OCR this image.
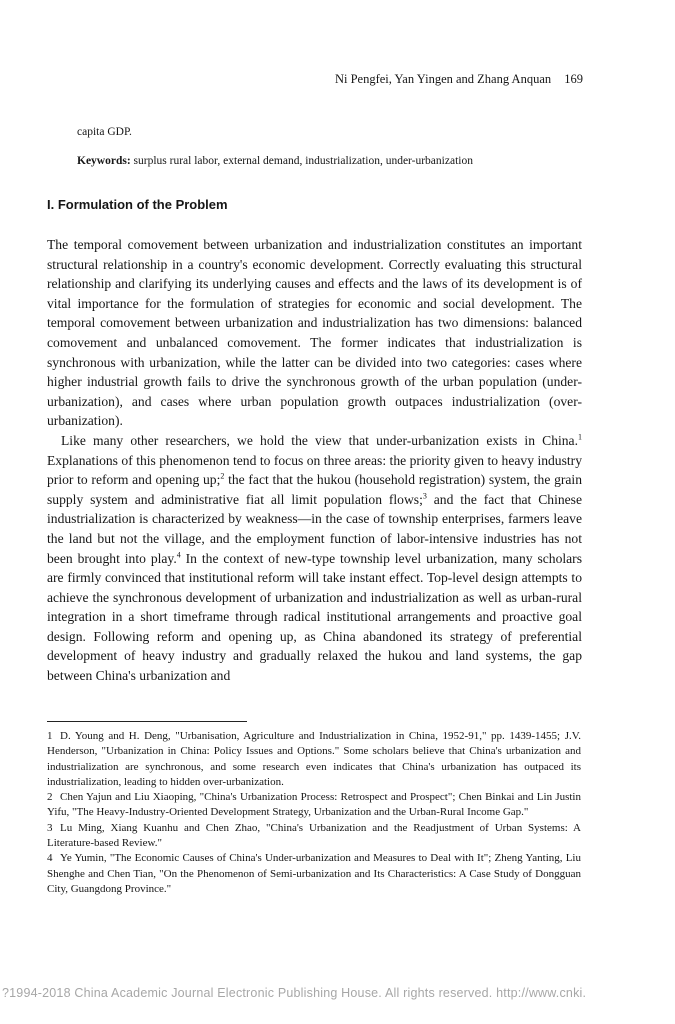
Ni Pengfei, Yan Yingen and Zhang Anquan 169
capita GDP.
Keywords: surplus rural labor, external demand, industrialization, under-urbanization
I. Formulation of the Problem

The temporal comovement between urbanization and industrialization constitutes an important structural relationship in a country's economic development. Correctly evaluating this structural relationship and clarifying its underlying causes and effects and the laws of its development is of vital importance for the formulation of strategies for economic and social development. The temporal comovement between urbanization and industrialization has two dimensions: balanced comovement and unbalanced comovement. The former indicates that industrialization is synchronous with urbanization, while the latter can be divided into two categories: cases where higher industrial growth fails to drive the synchronous growth of the urban population (under-urbanization), and cases where urban population growth outpaces industrialization (over-urbanization).

Like many other researchers, we hold the view that under-urbanization exists in China.$^1$ Explanations of this phenomenon tend to focus on three areas: the priority given to heavy industry prior to reform and opening up;$^2$ the fact that the hukou (household registration) system, the grain supply system and administrative fiat all limit population flows;$^3$ and the fact that Chinese industrialization is characterized by weakness—in the case of township enterprises, farmers leave the land but not the village, and the employment function of labor-intensive industries has not been brought into play.$^4$ In the context of new-type township level urbanization, many scholars are firmly convinced that institutional reform will take instant effect. Top-level design attempts to achieve the synchronous development of urbanization and industrialization as well as urban-rural integration in a short timeframe through radical institutional arrangements and proactive goal design. Following reform and opening up, as China abandoned its strategy of preferential development of heavy industry and gradually relaxed the hukou and land systems, the gap between China's urbanization and

1 D. Young and H. Deng, "Urbanisation, Agriculture and Industrialization in China, 1952-91," pp. 1439-1455; J.V. Henderson, "Urbanization in China: Policy Issues and Options." Some scholars believe that China's urbanization and industrialization are synchronous, and some research even indicates that China's urbanization has outpaced its industrialization, leading to hidden over-urbanization.

2 Chen Yajun and Liu Xiaoping, "China's Urbanization Process: Retrospect and Prospect"; Chen Binkai and Lin Justin Yifu, "The Heavy-Industry-Oriented Development Strategy, Urbanization and the Urban-Rural Income Gap."

3 Lu Ming, Xiang Kuanhu and Chen Zhao, "China's Urbanization and the Readjustment of Urban Systems: A Literature-based Review."

4 Ye Yumin, "The Economic Causes of China's Under-urbanization and Measures to Deal with It"; Zheng Yanting, Liu Shenghe and Chen Tian, "On the Phenomenon of Semi-urbanization and Its Characteristics: A Case Study of Dongguan City, Guangdong Province."

?1994-2018 China Academic Journal Electronic Publishing House. All rights reserved. http://www.cnki.
